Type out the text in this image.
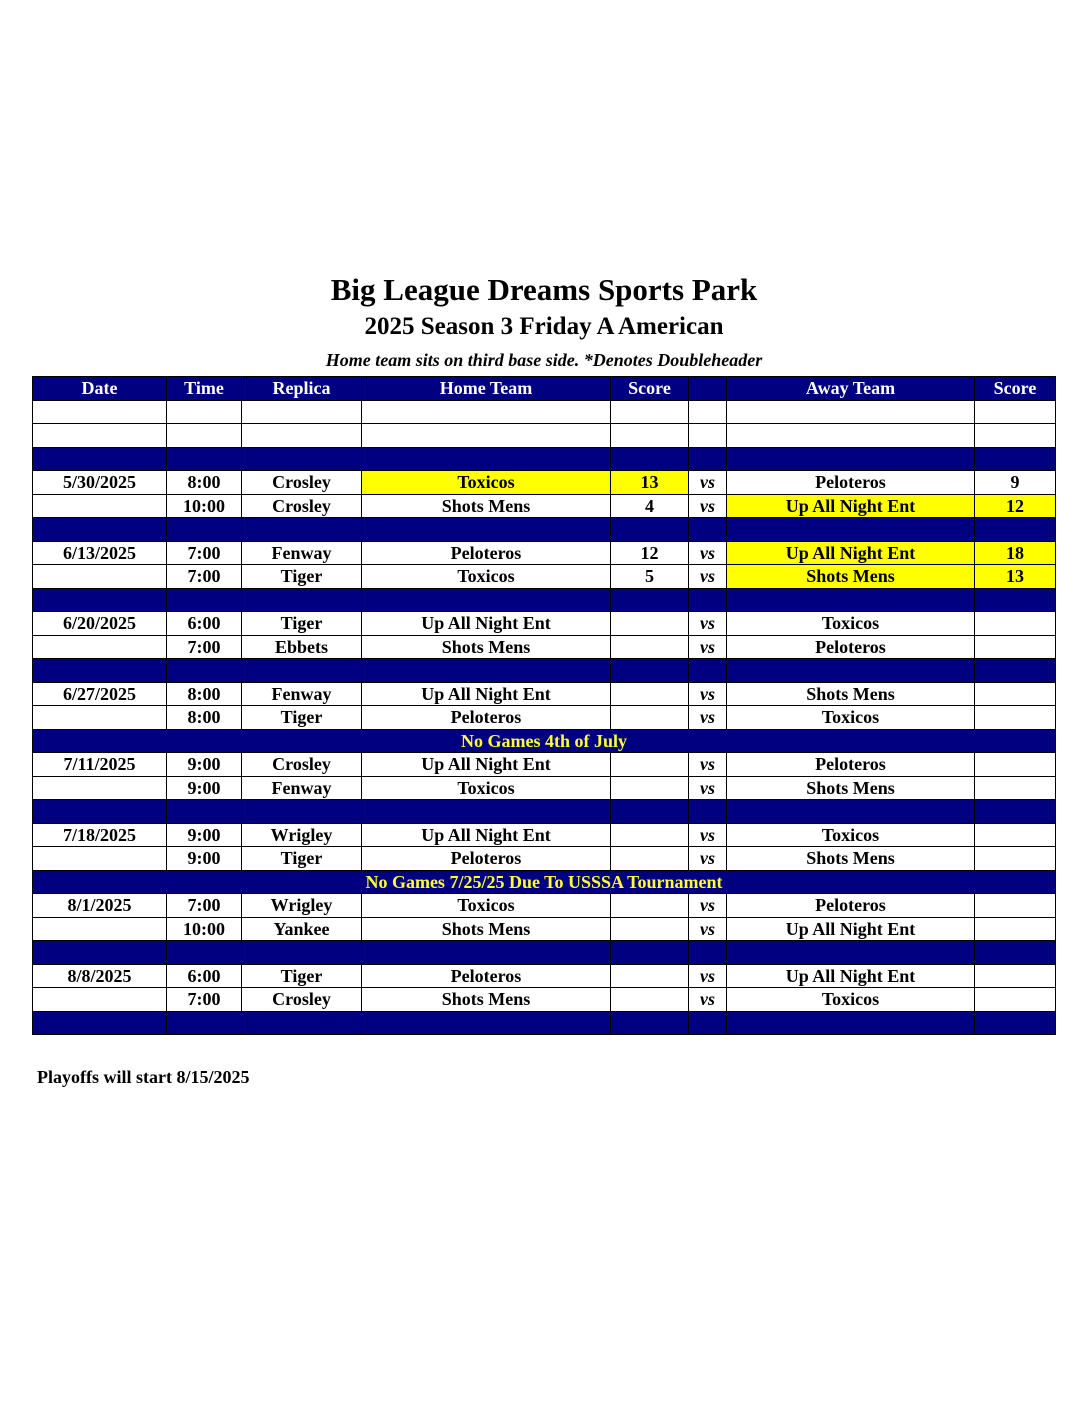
Big League Dreams Sports Park
2025 Season 3 Friday A American
Home team sits on third base side. *Denotes Doubleheader
Date	Time	Replica	Home Team	Score		Away Team	Score

5/30/2025	8:00	Crosley	Toxicos	13	vs	Peloteros	9
	10:00	Crosley	Shots Mens	4	vs	Up All Night Ent	12

6/13/2025	7:00	Fenway	Peloteros	12	vs	Up All Night Ent	18
	7:00	Tiger	Toxicos	5	vs	Shots Mens	13

6/20/2025	6:00	Tiger	Up All Night Ent		vs	Toxicos	
	7:00	Ebbets	Shots Mens		vs	Peloteros	

6/27/2025	8:00	Fenway	Up All Night Ent		vs	Shots Mens	
	8:00	Tiger	Peloteros		vs	Toxicos	
No Games 4th of July							
7/11/2025	9:00	Crosley	Up All Night Ent		vs	Peloteros	
	9:00	Fenway	Toxicos		vs	Shots Mens	

7/18/2025	9:00	Wrigley	Up All Night Ent		vs	Toxicos	
	9:00	Tiger	Peloteros		vs	Shots Mens	
No Games 7/25/25 Due To USSSA Tournament							
8/1/2025	7:00	Wrigley	Toxicos		vs	Peloteros	
	10:00	Yankee	Shots Mens		vs	Up All Night Ent	

8/8/2025	6:00	Tiger	Peloteros		vs	Up All Night Ent	
	7:00	Crosley	Shots Mens		vs	Toxicos	

Playoffs will start 8/15/2025
